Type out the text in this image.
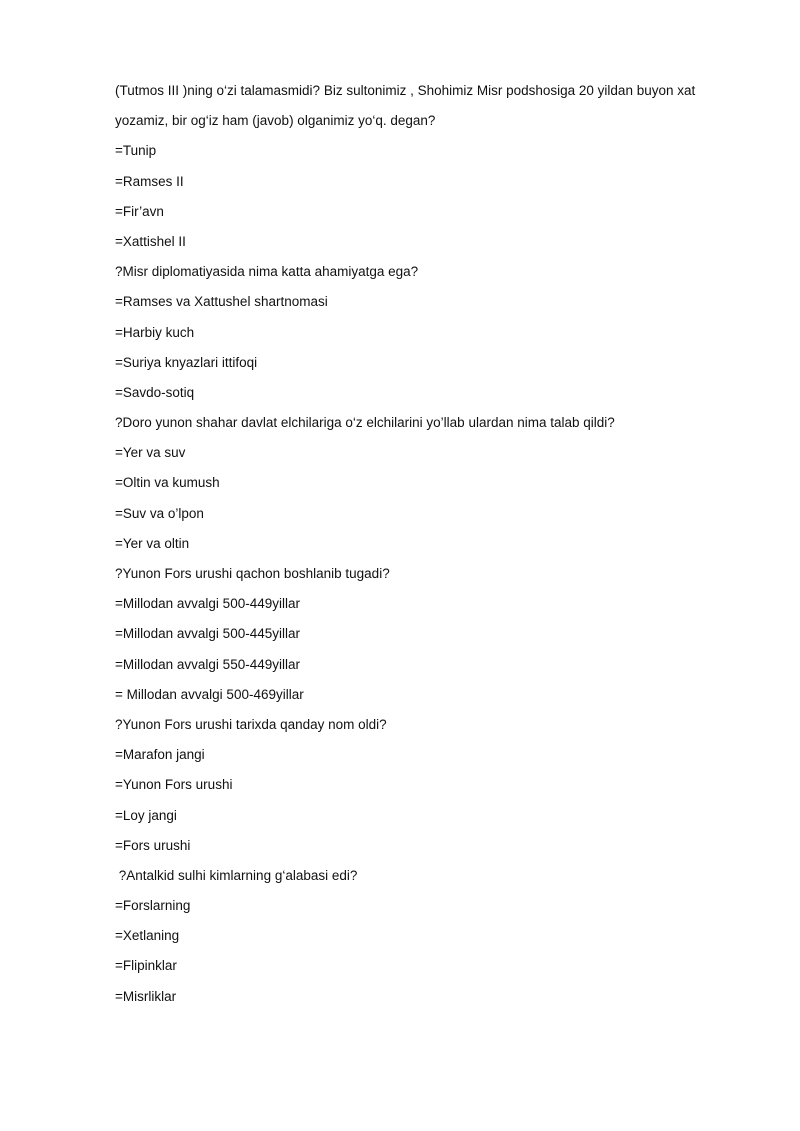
(Tutmos III )ning o‘zi talamasmidi? Biz sultonimiz , Shohimiz Misr podshosiga 20 yildan buyon xat
yozamiz, bir og‘iz ham (javob) olganimiz yo‘q. degan?
=Tunip
=Ramses II
=Fir’avn
=Xattishel II
?Misr diplomatiyasida nima katta ahamiyatga ega?
=Ramses va Xattushel shartnomasi
=Harbiy kuch
=Suriya knyazlari ittifoqi
=Savdo-sotiq
?Doro yunon shahar davlat elchilariga o‘z elchilarini yo’llab ulardan nima talab qildi?
=Yer va suv
=Oltin va kumush
=Suv va o’lpon
=Yer va oltin
?Yunon Fors urushi qachon boshlanib tugadi?
=Millodan avvalgi 500-449yillar
=Millodan avvalgi 500-445yillar
=Millodan avvalgi 550-449yillar
= Millodan avvalgi 500-469yillar
?Yunon Fors urushi tarixda qanday nom oldi?
=Marafon jangi
=Yunon Fors urushi
=Loy jangi
=Fors urushi
?Antalkid sulhi kimlarning g‘alabasi edi?
=Forslarning
=Xetlaning
=Flipinklar
=Misrliklar
